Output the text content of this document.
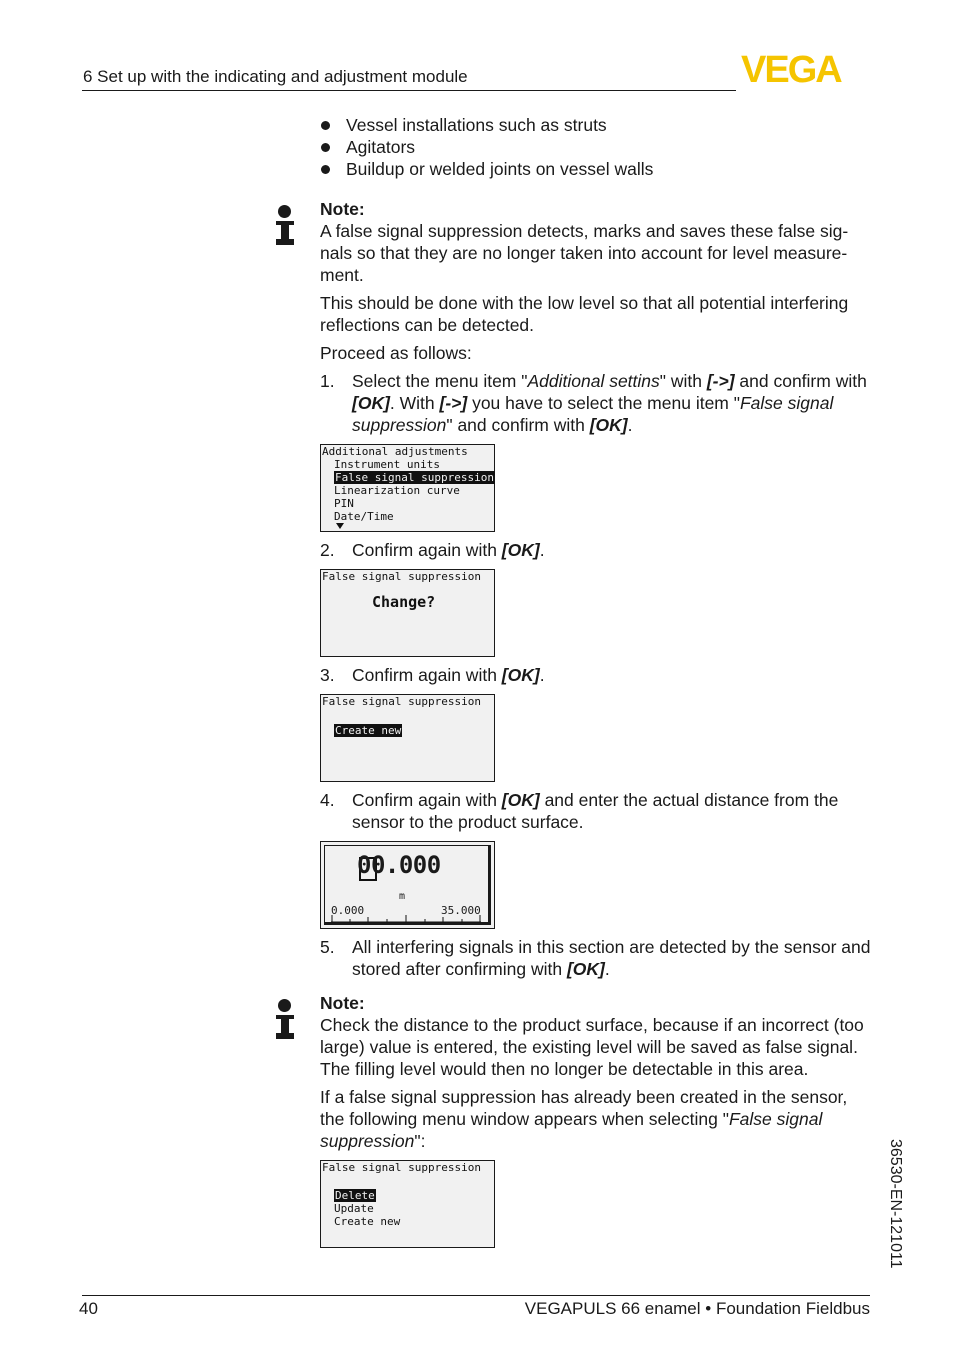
6 Set up with the indicating and adjustment module	VEGA
Vessel installations such as struts
Agitators
Buildup or welded joints on vessel walls
Note:
A false signal suppression detects, marks and saves these false sig-nals so that they are no longer taken into account for level measure-ment.
This should be done with the low level so that all potential interfering reflections can be detected.
Proceed as follows:
1. Select the menu item "Additional settins" with [->] and confirm with [OK]. With [->] you have to select the menu item "False signal suppression" and confirm with [OK].
Additional adjustments
Instrument units
False signal suppression
Linearization curve
PIN
Date/Time
2. Confirm again with [OK].
False signal suppression
Change?
3. Confirm again with [OK].
False signal suppression
Create new
4. Confirm again with [OK] and enter the actual distance from the sensor to the product surface.
00.000
m
0.000	35.000
5. All interfering signals in this section are detected by the sensor and stored after confirming with [OK].
Note:
Check the distance to the product surface, because if an incorrect (too large) value is entered, the existing level will be saved as false signal. The filling level would then no longer be detectable in this area.
If a false signal suppression has already been created in the sensor, the following menu window appears when selecting "False signal suppression":
False signal suppression
Delete
Update
Create new	36530-EN-121011
40	VEGAPULS 66 enamel • Foundation Fieldbus
